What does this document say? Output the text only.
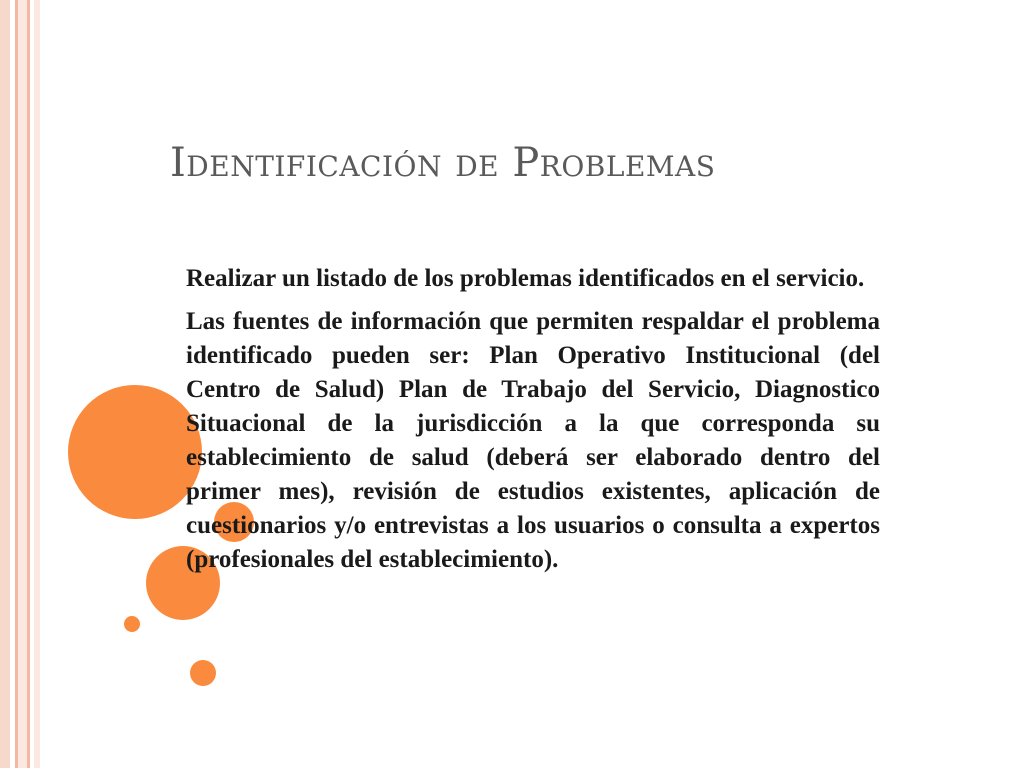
Identificación de Problemas

Realizar un listado de los problemas identificados en el servicio.

Las fuentes de información que permiten respaldar el problema identificado pueden ser: Plan Operativo Institucional (del Centro de Salud) Plan de Trabajo del Servicio, Diagnostico Situacional de la jurisdicción a la que corresponda su establecimiento de salud (deberá ser elaborado dentro del primer mes), revisión de estudios existentes, aplicación de cuestionarios y/o entrevistas a los usuarios o consulta a expertos (profesionales del establecimiento).
